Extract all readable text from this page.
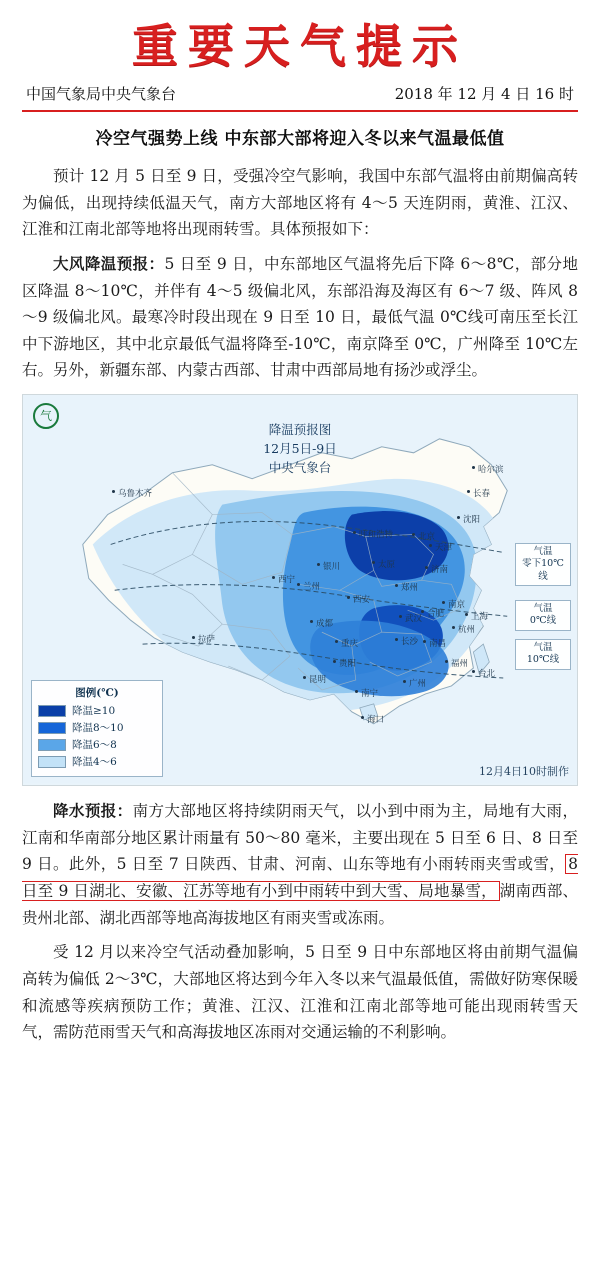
重要天气提示
中国气象局中央气象台	2018 年 12 月 4 日 16 时
冷空气强势上线 中东部大部将迎入冬以来气温最低值

预计 12 月 5 日至 9 日，受强冷空气影响，我国中东部气温将由前期偏高转为偏低，出现持续低温天气，南方大部地区将有 4～5 天连阴雨，黄淮、江汉、江淮和江南北部等地将出现雨转雪。具体预报如下：

大风降温预报：5 日至 9 日，中东部地区气温将先后下降 6～8℃，部分地区降温 8～10℃，并伴有 4～5 级偏北风，东部沿海及海区有 6～7 级、阵风 8～9 级偏北风。最寒冷时段出现在 9 日至 10 日，最低气温 0℃线可南压至长江中下游地区，其中北京最低气温将降至-10℃，南京降至 0℃，广州降至 10℃左右。另外，新疆东部、内蒙古西部、甘肃中西部局地有扬沙或浮尘。

气
降温预报图
12月5日-9日
中央气象台	哈尔滨
长春
沈阳
乌鲁木齐
北京
天津
呼和浩特
银川	太原	济南
西宁
兰州
西安
郑州
合肥
南京
上海
武汉
杭州
成都
重庆	长沙 南昌
福州
贵阳
拉萨
昆明	广州
台北
南宁
海口
气温
零下10℃线
气温
0℃线
气温
10℃线
图例(℃)
降温≥10
降温8～10
降温6～8
降温4～6
12月4日10时制作

降水预报：南方大部地区将持续阴雨天气，以小到中雨为主，局地有大雨，江南和华南部分地区累计雨量有 50～80 毫米，主要出现在 5 日至 6 日、8 日至 9 日。此外，5 日至 7 日陕西、甘肃、河南、山东等地有小雨转雨夹雪或雪， 8 日至 9 日湖北、安徽、江苏等地有小到中雨转中到大雪、局地暴雪， 湖南西部、贵州北部、湖北西部等地高海拔地区有雨夹雪或冻雨。

受 12 月以来冷空气活动叠加影响，5 日至 9 日中东部地区将由前期气温偏高转为偏低 2～3℃，大部地区将达到今年入冬以来气温最低值，需做好防寒保暖和流感等疾病预防工作；黄淮、江汉、江淮和江南北部等地可能出现雨转雪天气，需防范雨雪天气和高海拔地区冻雨对交通运输的不利影响。
